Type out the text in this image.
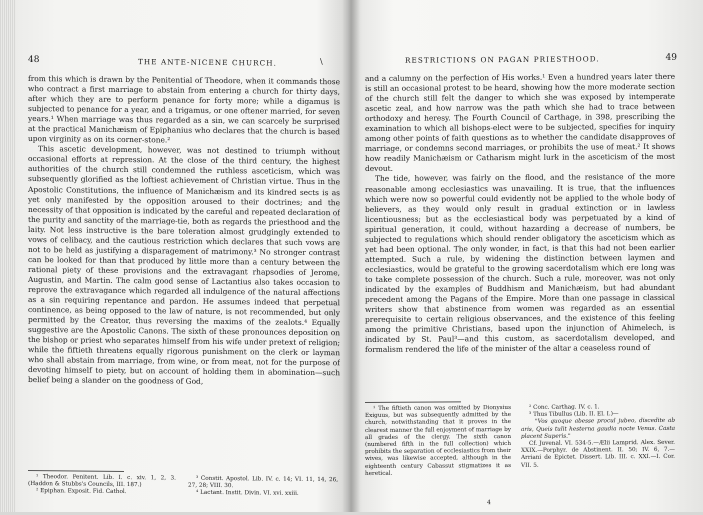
48	THE ANTE-NICENE CHURCH.	\

from this which is drawn by the Penitential of Theodore, when it commands those who contract a first marriage to abstain from entering a church for thirty days, after which they are to perform penance for forty more; while a digamus is subjected to penance for a year, and a trigamus, or one oftener married, for seven years.¹ When marriage was thus regarded as a sin, we can scarcely be surprised at the practical Manichæism of Epiphanius who declares that the church is based upon virginity as on its corner-stone.²

This ascetic development, however, was not destined to triumph without occasional efforts at repression. At the close of the third century, the highest authorities of the church still condemned the ruthless asceticism, which was subsequently glorified as the loftiest achievement of Christian virtue. Thus in the Apostolic Constitutions, the influence of Manichæism and its kindred sects is as yet only manifested by the opposition aroused to their doctrines; and the necessity of that opposition is indicated by the careful and repeated declaration of the purity and sanctity of the marriage-tie, both as regards the priesthood and the laity. Not less instructive is the bare toleration almost grudgingly extended to vows of celibacy, and the cautious restriction which declares that such vows are not to be held as justifying a disparagement of matrimony.³ No stronger contrast can be looked for than that produced by little more than a century between the rational piety of these provisions and the extravagant rhapsodies of Jerome, Augustin, and Martin. The calm good sense of Lactantius also takes occasion to reprove the extravagance which regarded all indulgence of the natural affections as a sin requiring repentance and pardon. He assumes indeed that perpetual continence, as being opposed to the law of nature, is not recommended, but only permitted by the Creator, thus reversing the maxims of the zealots.⁴ Equally suggestive are the Apostolic Canons. The sixth of these pronounces deposition on the bishop or priest who separates himself from his wife under pretext of religion; while the fiftieth threatens equally rigorous punishment on the clerk or layman who shall abstain from marriage, from wine, or from meat, not for the purpose of devoting himself to piety, but on account of holding them in abomination—such belief being a slander on the goodness of God,

¹ Theodor. Penitent. Lib. I. c. xiv. 1, 2, 3. (Haddon & Stubbs's Councils, III. 187.)

² Epiphan. Exposit. Fid. Cathol.

³ Constit. Apostol. Lib. IV. c. 14; VI. 11, 14, 26, 27, 28; VIII. 30.

⁴ Lactant. Instit. Divin. VI. xvi. xxiii.

RESTRICTIONS ON PAGAN PRIESTHOOD.	49

and a calumny on the perfection of His works.¹ Even a hundred years later there is still an occasional protest to be heard, showing how the more moderate section of the church still felt the danger to which she was exposed by intemperate ascetic zeal, and how narrow was the path which she had to trace between orthodoxy and heresy. The Fourth Council of Carthage, in 398, prescribing the examination to which all bishops-elect were to be subjected, specifies for inquiry among other points of faith questions as to whether the candidate disapproves of marriage, or condemns second marriages, or prohibits the use of meat.² It shows how readily Manichæism or Catharism might lurk in the asceticism of the most devout.

The tide, however, was fairly on the flood, and the resistance of the more reasonable among ecclesiastics was unavailing. It is true, that the influences which were now so powerful could evidently not be applied to the whole body of believers, as they would only result in gradual extinction or in lawless licentiousness; but as the ecclesiastical body was perpetuated by a kind of spiritual generation, it could, without hazarding a decrease of numbers, be subjected to regulations which should render obligatory the asceticism which as yet had been optional. The only wonder, in fact, is that this had not been earlier attempted. Such a rule, by widening the distinction between laymen and ecclesiastics, would be grateful to the growing sacerdotalism which ere long was to take complete possession of the church. Such a rule, moreover, was not only indicated by the examples of Buddhism and Manichæism, but had abundant precedent among the Pagans of the Empire. More than one passage in classical writers show that abstinence from women was regarded as an essential prerequisite to certain religious observances, and the existence of this feeling among the primitive Christians, based upon the injunction of Ahimelech, is indicated by St. Paul³—and this custom, as sacerdotalism developed, and formalism rendered the life of the minister of the altar a ceaseless round of

¹ The fiftieth canon was omitted by Dionysius Exiguus, but was subsequently admitted by the church, notwithstanding that it proves in the clearest manner the full enjoyment of marriage by all grades of the clergy. The sixth canon (numbered fifth in the full collection) which prohibits the separation of ecclesiastics from their wives, was likewise accepted, although in the eighteenth century Cabassut stigmatizes it as heretical.

² Conc. Carthag. IV. c. 1.

³ Thus Tibullus (Lib. II. El. I.)—

"Vos quoque abesse procul jubeo, discedite ab aris, Queis tulit hesterna gaudia nocte Venus. Casta placent Superis."

Cf. Juvenal. VI. 534-5.—Ælii Lamprid. Alex. Sever. XXIX.—Porphyr. de Abstinent. II. 50; IV. 6, 7.—Arriani de Epictet. Dissert. Lib. III. c. XXI.—I. Cor. VII. 5.

4
